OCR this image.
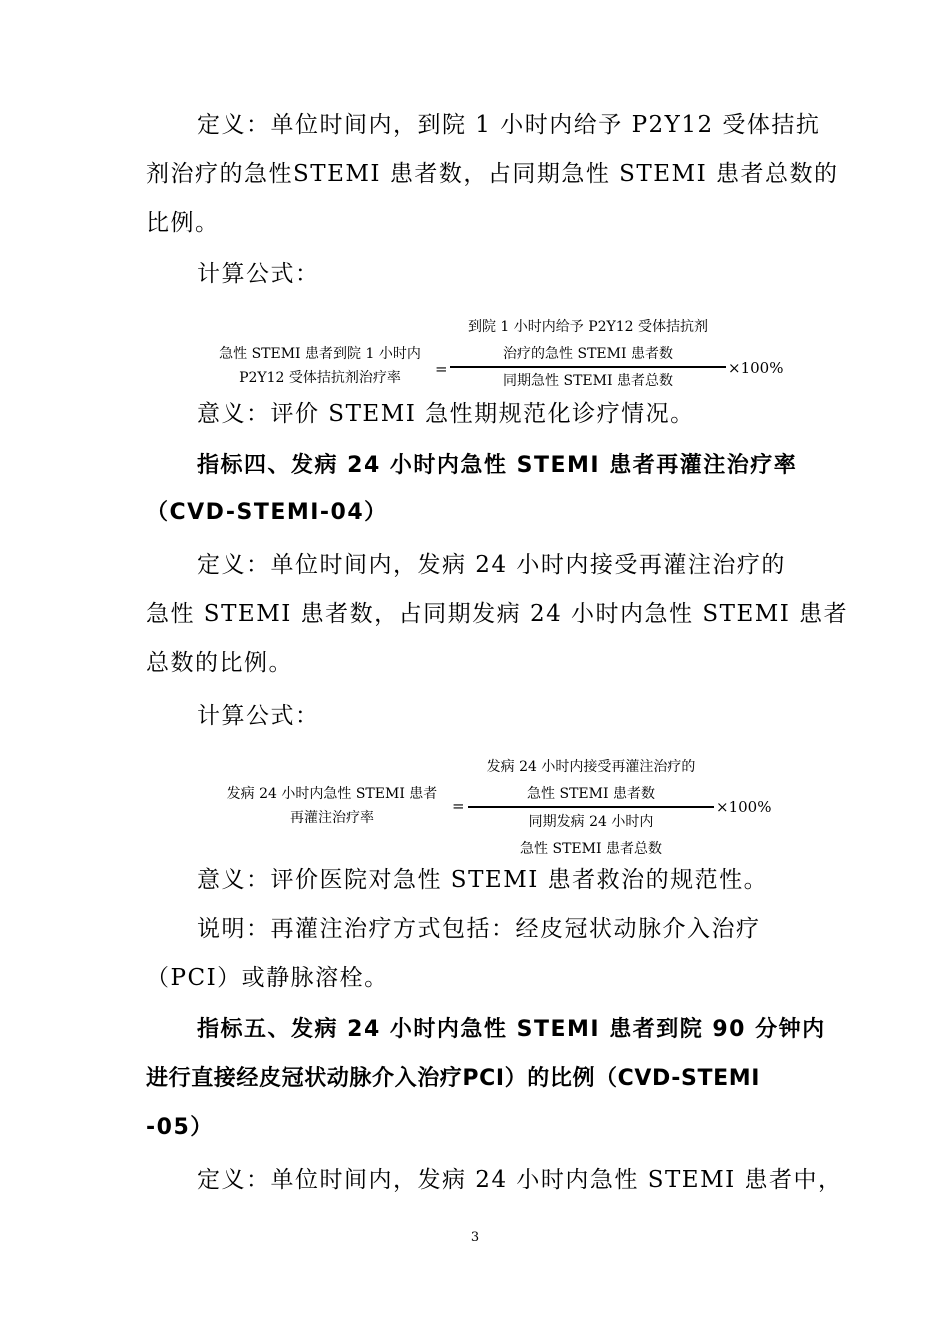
定义：单位时间内，到院 1 小时内给予 P2Y12 受体拮抗
剂治疗的急性STEMI 患者数，占同期急性 STEMI 患者总数的
比例。
计算公式：
急性 STEMI 患者到院 1 小时内
P2Y12 受体拮抗剂治疗率	=
到院 1 小时内给予 P2Y12 受体拮抗剂
治疗的急性 STEMI 患者数
同期急性 STEMI 患者总数
×100%
意义：评价 STEMI 急性期规范化诊疗情况。
指标四、发病 24 小时内急性 STEMI 患者再灌注治疗率
（CVD-STEMI-04）
定义：单位时间内，发病 24 小时内接受再灌注治疗的
急性 STEMI 患者数，占同期发病 24 小时内急性 STEMI 患者
总数的比例。
计算公式：
发病 24 小时内急性 STEMI 患者
再灌注治疗率
=
发病 24 小时内接受再灌注治疗的
急性 STEMI 患者数
同期发病 24 小时内
急性 STEMI 患者总数
×100%
意义：评价医院对急性 STEMI 患者救治的规范性。
说明：再灌注治疗方式包括：经皮冠状动脉介入治疗
（PCI）或静脉溶栓。
指标五、发病 24 小时内急性 STEMI 患者到院 90 分钟内
进行直接经皮冠状动脉介入治疗PCI）的比例（CVD-STEMI
-05）
定义：单位时间内，发病 24 小时内急性 STEMI 患者中，
3
